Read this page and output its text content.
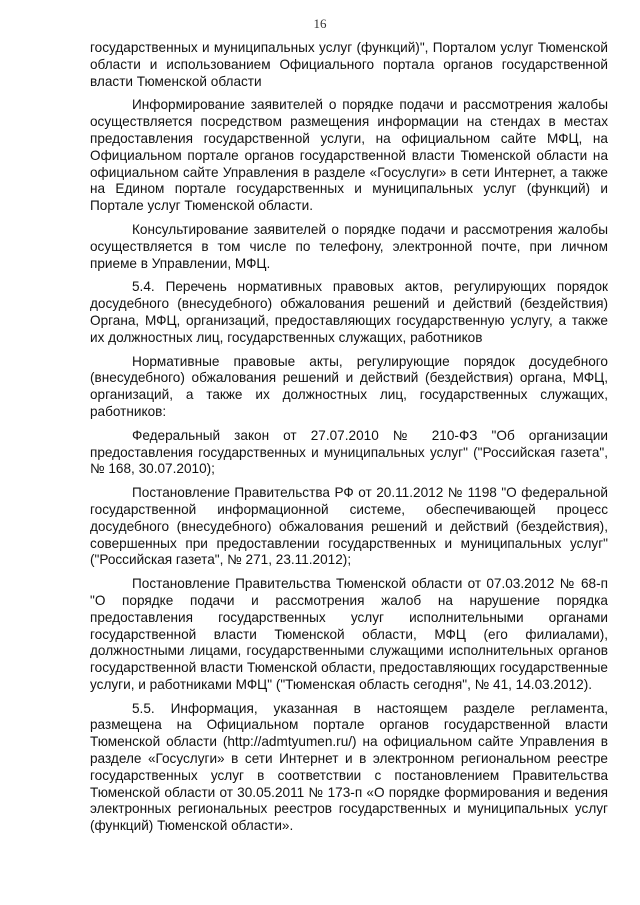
16

государственных и муниципальных услуг (функций)", Порталом услуг Тюменской области и использованием Официального портала органов государственной власти Тюменской области

Информирование заявителей о порядке подачи и рассмотрения жалобы осуществляется посредством размещения информации на стендах в местах предоставления государственной услуги, на официальном сайте МФЦ, на Официальном портале органов государственной власти Тюменской области на официальном сайте Управления в разделе «Госуслуги» в сети Интернет, а также на Едином портале государственных и муниципальных услуг (функций) и Портале услуг Тюменской области.

Консультирование заявителей о порядке подачи и рассмотрения жалобы осуществляется в том числе по телефону, электронной почте, при личном приеме в Управлении, МФЦ.

5.4. Перечень нормативных правовых актов, регулирующих порядок досудебного (внесудебного) обжалования решений и действий (бездействия) Органа, МФЦ, организаций, предоставляющих государственную услугу, а также их должностных лиц, государственных служащих, работников

Нормативные правовые акты, регулирующие порядок досудебного (внесудебного) обжалования решений и действий (бездействия) органа, МФЦ, организаций, а также их должностных лиц, государственных служащих, работников:

Федеральный закон от 27.07.2010 № 210-ФЗ "Об организации предоставления государственных и муниципальных услуг" ("Российская газета", № 168, 30.07.2010);

Постановление Правительства РФ от 20.11.2012 № 1198 "О федеральной государственной информационной системе, обеспечивающей процесс досудебного (внесудебного) обжалования решений и действий (бездействия), совершенных при предоставлении государственных и муниципальных услуг" ("Российская газета", № 271, 23.11.2012);

Постановление Правительства Тюменской области от 07.03.2012 № 68-п "О порядке подачи и рассмотрения жалоб на нарушение порядка предоставления государственных услуг исполнительными органами государственной власти Тюменской области, МФЦ (его филиалами), должностными лицами, государственными служащими исполнительных органов государственной власти Тюменской области, предоставляющих государственные услуги, и работниками МФЦ" ("Тюменская область сегодня", № 41, 14.03.2012).

5.5. Информация, указанная в настоящем разделе регламента, размещена на Официальном портале органов государственной власти Тюменской области (http://admtyumen.ru/) на официальном сайте Управления в разделе «Госуслуги» в сети Интернет и в электронном региональном реестре государственных услуг в соответствии с постановлением Правительства Тюменской области от 30.05.2011 № 173-п «О порядке формирования и ведения электронных региональных реестров государственных и муниципальных услуг (функций) Тюменской области».
